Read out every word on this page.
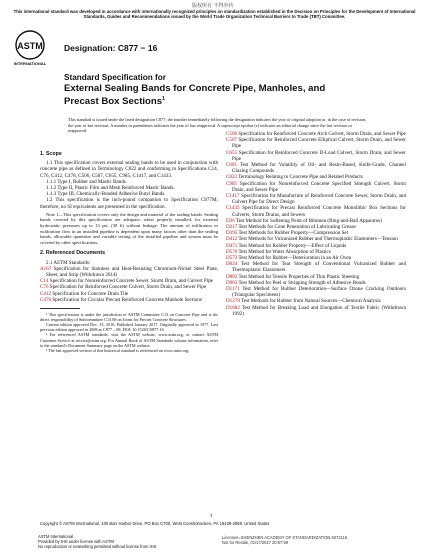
版权所有 不得外传
This international standard was developed in accordance with internationally recognized principles on standardization established in the Decision on Principles for the Development of International Standards, Guides and Recommendations issued by the World Trade Organization Technical Barriers to Trade (TBT) Committee.
ASTM
INTERNATIONAL
Designation: C877 − 16
Standard Specification for
External Sealing Bands for Concrete Pipe, Manholes, and
Precast Box Sections$^1$
This standard is issued under the fixed designation C877; the number immediately following the designation indicates the year of original adoption or, in the case of revision, the year of last revision. A number in parentheses indicates the year of last reapproval. A superscript epsilon (ε) indicates an editorial change since the last revision or reapproval.
1. Scope

1.1 This specification covers external sealing bands to be used in conjunction with concrete pipe as defined in Terminology C822 and conforming to Specifications C14, C76, C412, C478, C506, C507, C655, C985, C1417, and C1433.

1.1.1 Type I, Rubber and Mastic Bands.

1.1.2 Type II, Plastic Film and Mesh Reinforced Mastic Bands.

1.1.3 Type III, Chemically-Bonded Adhesive Butyl Bands.

1.2 This specification is the inch-pound companion to Specification C877M; therefore, no SI equivalents are presented in the specification.

Note 1—This specification covers only the design and material of the sealing bands. Sealing bands covered by this specification are adequate, when properly installed, for external hydrostatic pressures up to 13 psi, (30 ft) without leakage. The amount of infiltration or exfiltration flow in an installed pipeline is dependent upon many factors other than the sealing bands, allowable quantities and variable testing of the installed pipeline and system must be covered by other specifications.

2. Referenced Documents

2.1 ASTM Standards:

A167 Specification for Stainless and Heat-Resisting Chromium-Nickel Steel Plate, Sheet, and Strip (Withdrawn 2014)
C14 Specification for Nonreinforced Concrete Sewer, Storm Drain, and Culvert Pipe
C76 Specification for Reinforced Concrete Culvert, Storm Drain, and Sewer Pipe
C412 Specification for Concrete Drain Tile
C478 Specification for Circular Precast Reinforced Concrete Manhole Sections

¹ This specification is under the jurisdiction of ASTM Committee C13 on Concrete Pipe and is the direct responsibility of Subcommittee C13.08 on Joints for Precast Concrete Structures.

Current edition approved Dec. 15, 2016. Published January 2017. Originally approved in 1977. Last previous edition approved in 2008 as C877 – 08. DOI: 10.1520/C0877-16.

² For referenced ASTM standards, visit the ASTM website, www.astm.org, or contact ASTM Customer Service at service@astm.org. For Annual Book of ASTM Standards volume information, refer to the standard's Document Summary page on the ASTM website.

³ The last approved version of this historical standard is referenced on www.astm.org.

C506 Specification for Reinforced Concrete Arch Culvert, Storm Drain, and Sewer Pipe
C507 Specification for Reinforced Concrete Elliptical Culvert, Storm Drain, and Sewer Pipe
C655 Specification for Reinforced Concrete D-Load Culvert, Storm Drain, and Sewer Pipe
C681 Test Method for Volatility of Oil- and Resin-Based, Knife-Grade, Channel Glazing Compounds
C822 Terminology Relating to Concrete Pipe and Related Products
C985 Specification for Nonreinforced Concrete Specified Strength Culvert, Storm Drain, and Sewer Pipe
C1417 Specification for Manufacture of Reinforced Concrete Sewer, Storm Drain, and Culvert Pipe for Direct Design
C1433 Specification for Precast Reinforced Concrete Monolithic Box Sections for Culverts, Storm Drains, and Sewers
D36 Test Method for Softening Point of Bitumen (Ring-and-Ball Apparatus)
D217 Test Methods for Cone Penetration of Lubricating Grease
D395 Test Methods for Rubber Property—Compression Set
D412 Test Methods for Vulcanized Rubber and Thermoplastic Elastomers—Tension
D471 Test Method for Rubber Property—Effect of Liquids
D570 Test Method for Water Absorption of Plastics
D573 Test Method for Rubber—Deterioration in an Air Oven
D624 Test Method for Tear Strength of Conventional Vulcanized Rubber and Thermoplastic Elastomers
D882 Test Method for Tensile Properties of Thin Plastic Sheeting
D903 Test Method for Peel or Stripping Strength of Adhesive Bonds
D1171 Test Method for Rubber Deterioration—Surface Ozone Cracking Outdoors (Triangular Specimens)
D1278 Test Methods for Rubber from Natural Sources—Chemical Analysis
D1682 Test Method for Breaking Load and Elongation of Textile Fabric (Withdrawn 1992)
Copyright © ASTM International, 100 Barr Harbor Drive, PO Box C700, West Conshohocken, PA 19428-2959. United States
1
ASTM International
Provided by IHS under license with ASTM
No reproduction or networking permitted without license from IHS
Licensee=SHENZHEN ACADEMY OF STANDARDIZATION 6072116
Not for Resale, 01/17/2017 20:57:59
